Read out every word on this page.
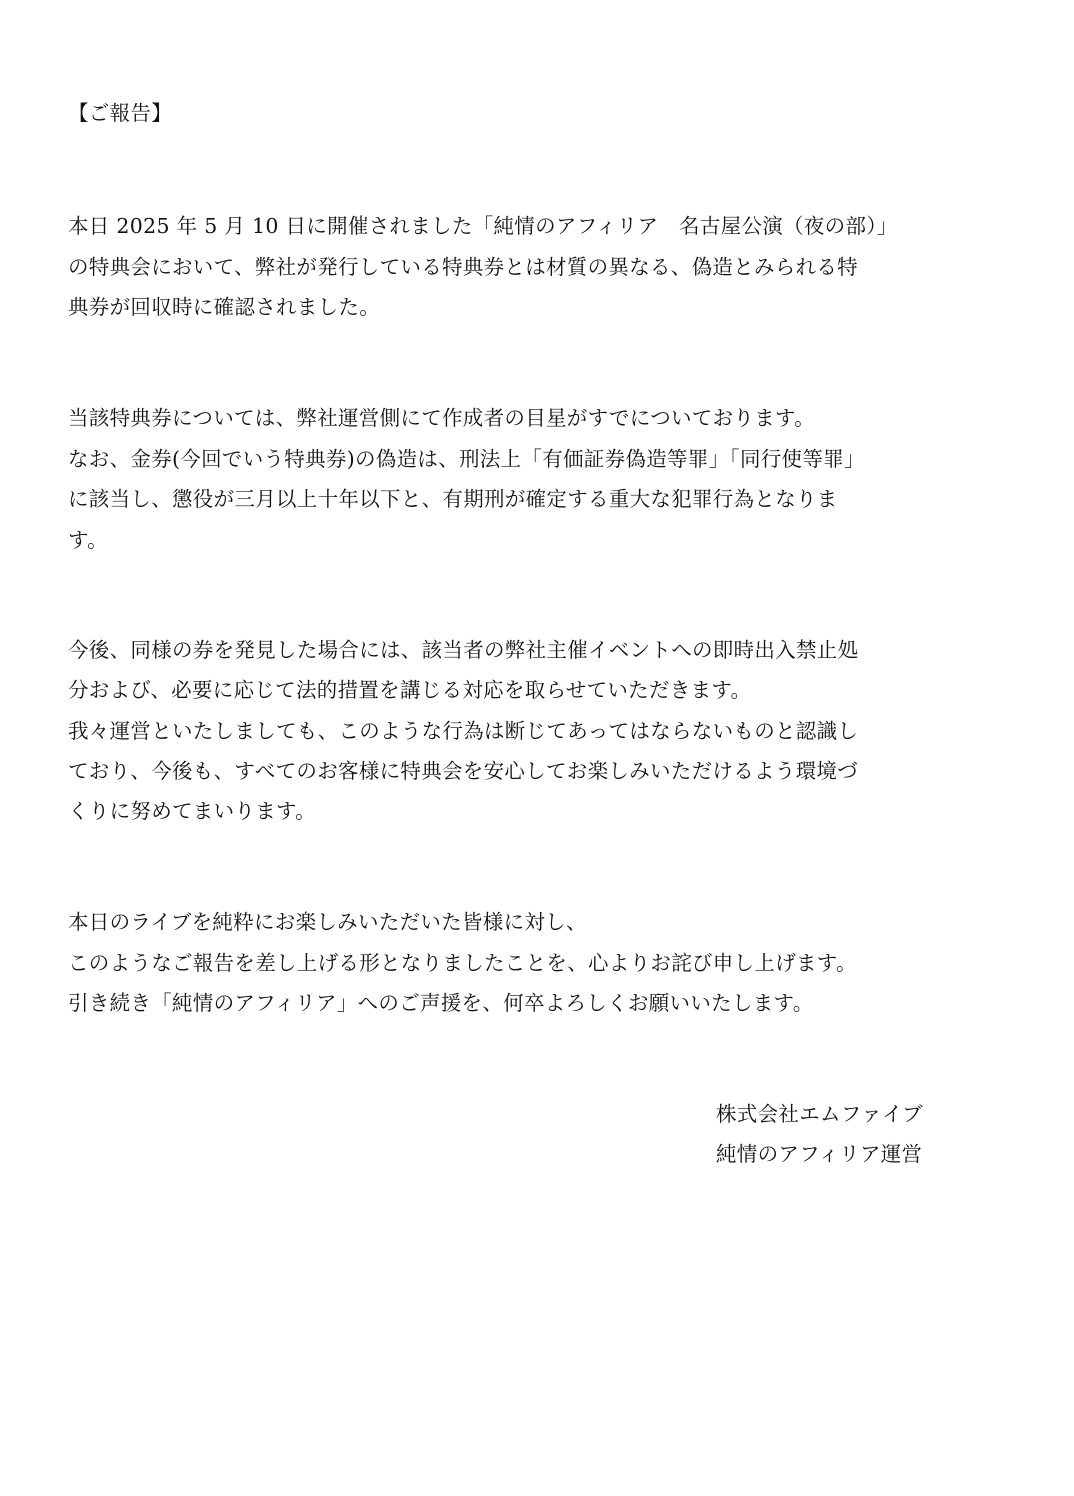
【ご報告】
本日 2025 年 5 月 10 日に開催されました「純情のアフィリア　名古屋公演（夜の部）」
の特典会において、弊社が発行している特典券とは材質の異なる、偽造とみられる特
典券が回収時に確認されました。
当該特典券については、弊社運営側にて作成者の目星がすでについております。
なお、金券(今回でいう特典券)の偽造は、刑法上「有価証券偽造等罪」「同行使等罪」
に該当し、懲役が三月以上十年以下と、有期刑が確定する重大な犯罪行為となりま
す。
今後、同様の券を発見した場合には、該当者の弊社主催イベントへの即時出入禁止処
分および、必要に応じて法的措置を講じる対応を取らせていただきます。
我々運営といたしましても、このような行為は断じてあってはならないものと認識し
ており、今後も、すべてのお客様に特典会を安心してお楽しみいただけるよう環境づ
くりに努めてまいります。
本日のライブを純粋にお楽しみいただいた皆様に対し、
このようなご報告を差し上げる形となりましたことを、心よりお詫び申し上げます。
引き続き「純情のアフィリア」へのご声援を、何卒よろしくお願いいたします。
株式会社エムファイブ
純情のアフィリア運営
